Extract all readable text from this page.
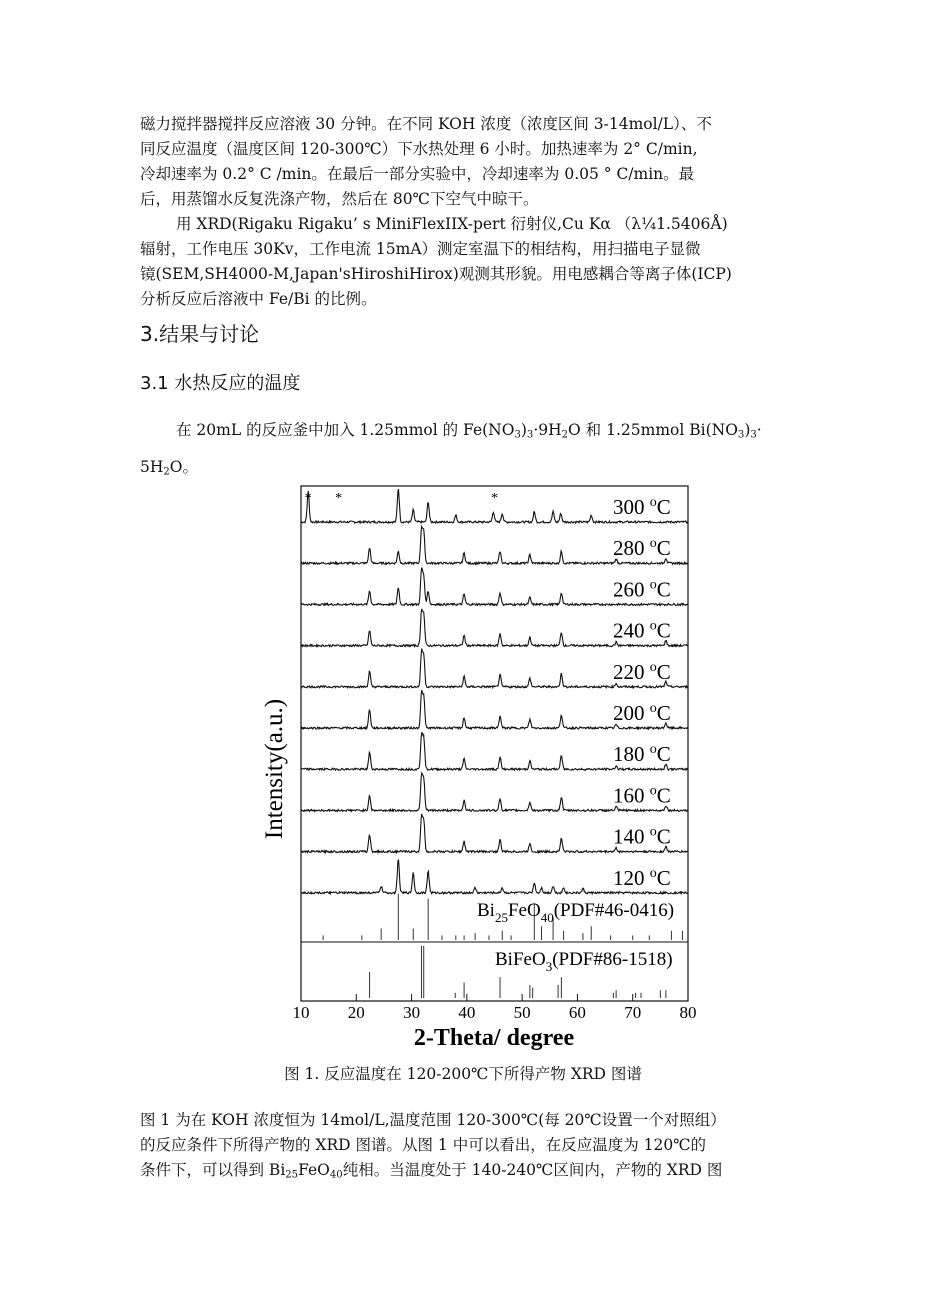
磁力搅拌器搅拌反应溶液 30 分钟。在不同 KOH 浓度（浓度区间 3-14mol/L）、不
同反应温度（温度区间 120-300℃）下水热处理 6 小时。加热速率为 2° C/min,
冷却速率为 0.2° C /min。在最后一部分实验中，冷却速率为 0.05 ° C/min。最
后，用蒸馏水反复洗涤产物，然后在 80℃下空气中晾干。
用 XRD(Rigaku Rigaku’ s MiniFlexIIX-pert 衍射仪,Cu Kα （λ¼1.5406Å)
辐射，工作电压 30Kv，工作电流 15mA）测定室温下的相结构，用扫描电子显微
镜(SEM,SH4000-M,Japan'sHiroshiHirox)观测其形貌。用电感耦合等离子体(ICP)
分析反应后溶液中 Fe/Bi 的比例。
3.结果与讨论
3.1 水热反应的温度
在 20mL 的反应釜中加入 1.25mmol 的 $Fe(NO_3)_3\cdot 9H_2O$ 和 1.25mmol $Bi(NO_3)_3\cdot$
$5H_2O$。
Intensity(a.u.)
300 $^o$C
* *	*
280 $^o$C
260 $^o$C
240 $^o$C
220 $^o$C
200 $^o$C
180 $^o$C
160 $^o$C
140 $^o$C
120 $^o$C
$Bi_{25}FeO_{40}(PDF\#46-0416)$
BiFeO$_3$(PDF#86-1518)
10 20 30 40 50 60 70 80
2-Theta/ degree
图 1. 反应温度在 120-200℃下所得产物 XRD 图谱
图 1 为在 KOH 浓度恒为 14mol/L,温度范围 120-300℃(每 20℃设置一个对照组）
的反应条件下所得产物的 XRD 图谱。从图 1 中可以看出，在反应温度为 120℃的
条件下，可以得到 $Bi_{25}FeO_{40}$纯相。当温度处于 140-240℃区间内，产物的 XRD 图
